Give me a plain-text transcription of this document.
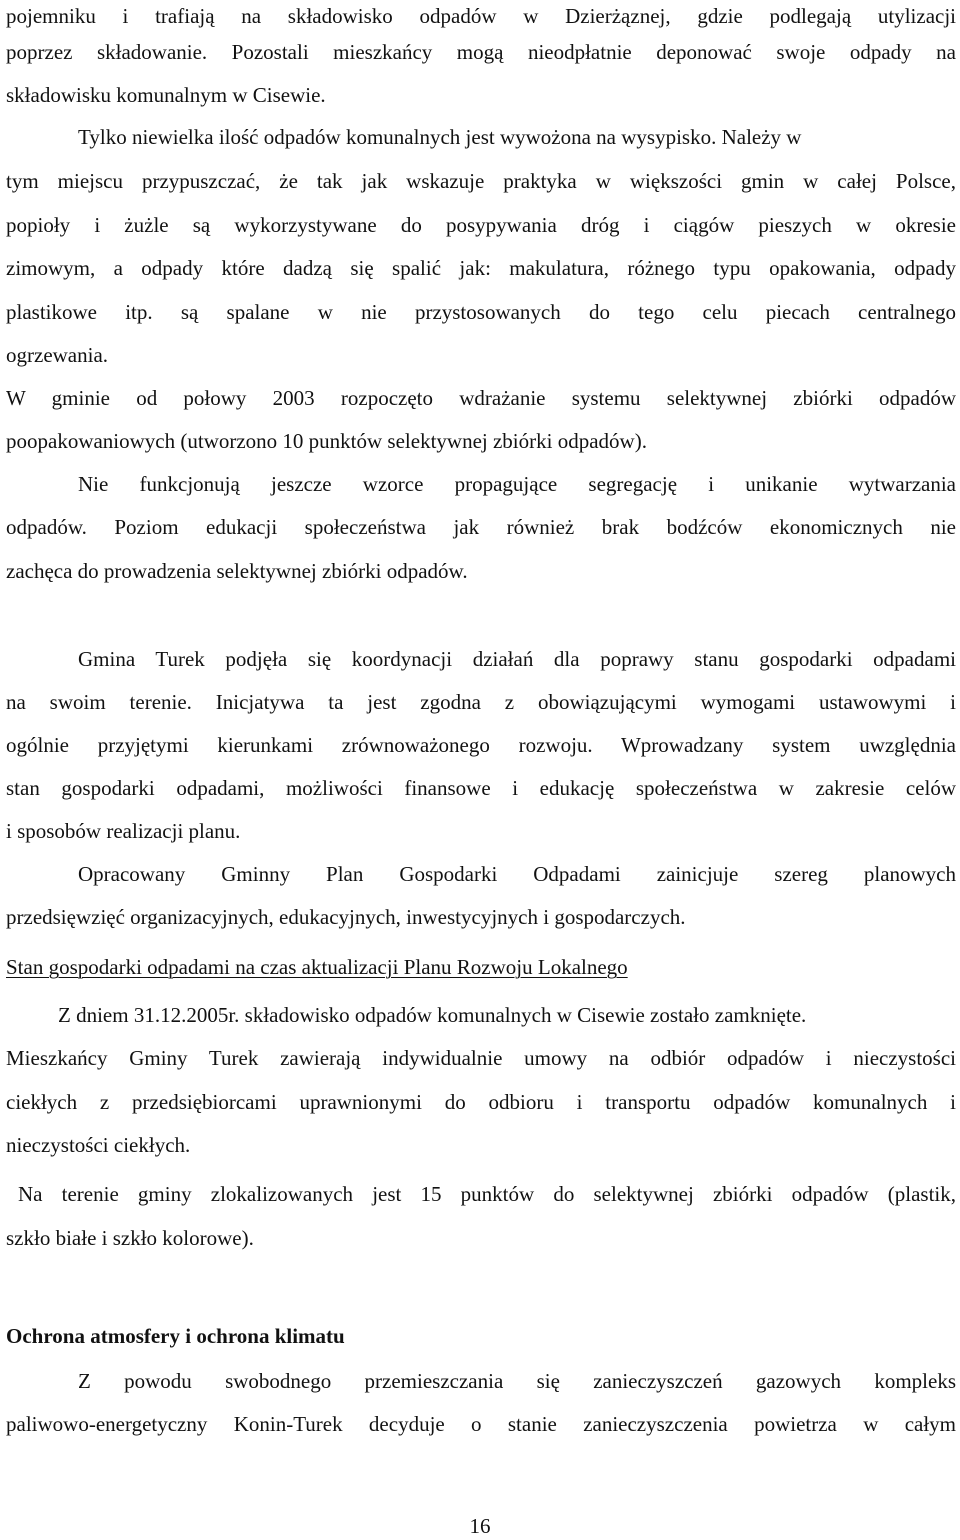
pojemniku i trafiają na składowisko odpadów w Dzierżąznej, gdzie podlegają utylizacji
poprzez składowanie. Pozostali mieszkańcy mogą nieodpłatnie deponować swoje odpady na
składowisku komunalnym w Cisewie.
Tylko niewielka ilość odpadów komunalnych jest wywożona na wysypisko. Należy w
tym miejscu przypuszczać, że tak jak wskazuje praktyka w większości gmin w całej Polsce,
popioły i żużle są wykorzystywane do posypywania dróg i ciągów pieszych w okresie
zimowym, a odpady które dadzą się spalić jak: makulatura, różnego typu opakowania, odpady
plastikowe itp. są spalane w nie przystosowanych do tego celu piecach centralnego
ogrzewania.
W gminie od połowy 2003 rozpoczęto wdrażanie systemu selektywnej zbiórki odpadów
poopakowaniowych (utworzono 10 punktów selektywnej zbiórki odpadów).
Nie funkcjonują jeszcze wzorce propagujące segregację i unikanie wytwarzania
odpadów. Poziom edukacji społeczeństwa jak również brak bodźców ekonomicznych nie
zachęca do prowadzenia selektywnej zbiórki odpadów.
Gmina Turek podjęła się koordynacji działań dla poprawy stanu gospodarki odpadami
na swoim terenie. Inicjatywa ta jest zgodna z obowiązującymi wymogami ustawowymi i
ogólnie przyjętymi kierunkami zrównoważonego rozwoju. Wprowadzany system uwzględnia
stan gospodarki odpadami, możliwości finansowe i edukację społeczeństwa w zakresie celów
i sposobów realizacji planu.
Opracowany Gminny Plan Gospodarki Odpadami zainicjuje szereg planowych
przedsięwzięć organizacyjnych, edukacyjnych, inwestycyjnych i gospodarczych.
Stan gospodarki odpadami na czas aktualizacji Planu Rozwoju Lokalnego
Z dniem 31.12.2005r. składowisko odpadów komunalnych w Cisewie zostało zamknięte.
Mieszkańcy Gminy Turek zawierają indywidualnie umowy na odbiór odpadów i nieczystości
ciekłych z przedsiębiorcami uprawnionymi do odbioru i transportu odpadów komunalnych i
nieczystości ciekłych.
Na terenie gminy zlokalizowanych jest 15 punktów do selektywnej zbiórki odpadów (plastik,
szkło białe i szkło kolorowe).
Ochrona atmosfery i ochrona klimatu
Z powodu swobodnego przemieszczania się zanieczyszczeń gazowych kompleks
paliwowo-energetyczny Konin-Turek decyduje o stanie zanieczyszczenia powietrza w całym
16
